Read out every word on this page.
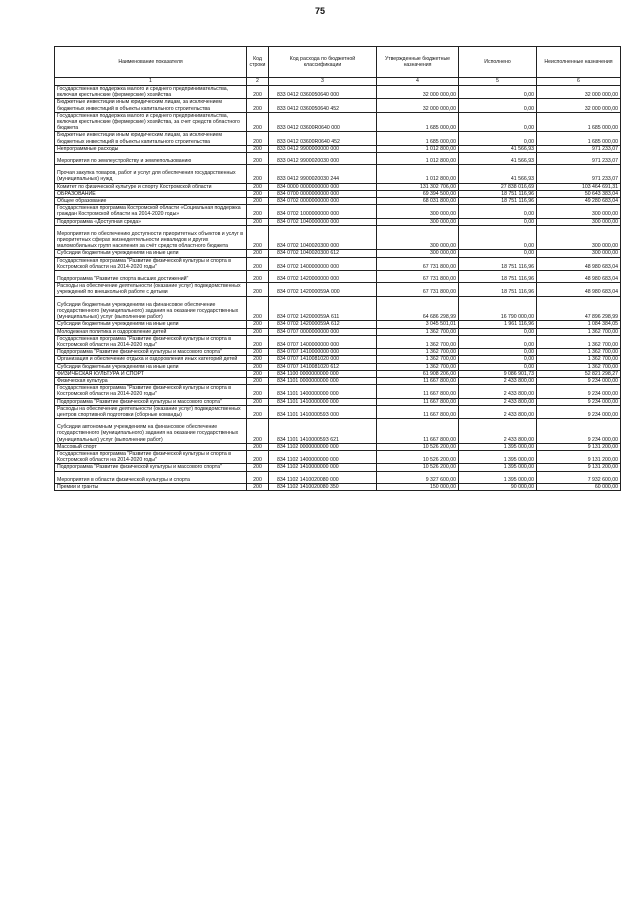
75
Наименование показателя	Код строки	Код расхода по бюджетной классификации	Утвержденные бюджетные назначения	Исполнено	Неисполненные назначения
1	2	3	4	5	6
Государственная поддержка малого и среднего предпринимательства, включая крестьянские (фермерские) хозяйства	200	833 0412 0360050640 000	32 000 000,00	0,00	32 000 000,00
Бюджетные инвестиции иным юридическим лицам, за исключением бюджетных инвестиций в объекты капитального строительства	200	833 0412 0360050640 452	32 000 000,00	0,00	32 000 000,00
Государственная поддержка малого и среднего предпринимательства, включая крестьянские (фермерские) хозяйства, за счет средств областного бюджета	200	833 0412 03600R0640 000	1 685 000,00	0,00	1 685 000,00
Бюджетные инвестиции иным юридическим лицам, за исключением бюджетных инвестиций в объекты капитального строительства	200	833 0412 03600R0640 452	1 685 000,00	0,00	1 685 000,00
Непрограммные расходы	200	833 0412 9900000000 000	1 012 800,00	41 566,93	971 233,07
Мероприятия по землеустройству и землепользованию	200	833 0412 9900020030 000	1 012 800,00	41 566,93	971 233,07
Прочая закупка товаров, работ и услуг для обеспечения государственных (муниципальных) нужд	200	833 0412 9900020030 244	1 012 800,00	41 566,93	971 233,07
Комитет по физической культуре и спорту Костромской области	200	834 0000 0000000000 000	131 302 706,00	27 838 016,69	103 464 691,31
ОБРАЗОВАНИЕ	200	834 0700 0000000000 000	69 394 500,00	18 751 116,96	50 643 383,04
Общее образование	200	834 0702 0000000000 000	68 031 800,00	18 751 116,96	49 280 683,04
Государственная программа Костромской области «Социальная поддержка граждан Костромской области на 2014-2020 годы»	200	834 0702 1000000000 000	300 000,00	0,00	300 000,00
Подпрограмма «Доступная среда»	200	834 0702 1040000000 000	300 000,00	0,00	300 000,00
Мероприятия по обеспечению доступности приоритетных объектов и услуг в приоритетных сферах жизнедеятельности инвалидов и других маломобильных групп населения за счёт средств областного бюджета	200	834 0702 1040020300 000	300 000,00	0,00	300 000,00
Субсидии бюджетным учреждениям на иные цели	200	834 0702 1040020300 612	300 000,00	0,00	300 000,00
Государственная программа "Развитие физической культуры и спорта в Костромской области на 2014-2020 годы"	200	834 0702 1400000000 000	67 731 800,00	18 751 116,96	48 980 683,04
Подпрограмма "Развитие спорта высших достижений"	200	834 0702 1420000000 000	67 731 800,00	18 751 116,96	48 980 683,04
Расходы на обеспечение деятельности (оказание услуг) подведомственных учреждений по внешкольной работе с детьми	200	834 0702 142000059А 000	67 731 800,00	18 751 116,96	48 980 683,04
Субсидии бюджетным учреждениям на финансовое обеспечение государственного (муниципального) задания на оказание государственных (муниципальных) услуг (выполнение работ)	200	834 0702 142000059А 611	64 686 298,99	16 790 000,00	47 896 298,99
Субсидии бюджетным учреждениям на иные цели	200	834 0702 142000059А 612	3 045 501,01	1 961 116,96	1 084 384,05
Молодежная политика и оздоровление детей	200	834 0707 0000000000 000	1 362 700,00	0,00	1 362 700,00
Государственная программа "Развитие физической культуры и спорта в Костромской области на 2014-2020 годы"	200	834 0707 1400000000 000	1 362 700,00	0,00	1 362 700,00
Подпрограмма "Развитие физической культуры и массового спорта"	200	834 0707 1410000000 000	1 362 700,00	0,00	1 362 700,00
Организация и обеспечение отдыха и оздоровления иных категорий детей	200	834 0707 1410081020 000	1 362 700,00	0,00	1 362 700,00
Субсидии бюджетным учреждениям на иные цели	200	834 0707 1410081020 612	1 362 700,00	0,00	1 362 700,00
ФИЗИЧЕСКАЯ КУЛЬТУРА И СПОРТ	200	834 1100 0000000000 000	61 908 206,00	9 086 901,73	52 821 298,27
Физическая культура	200	834 1101 0000000000 000	11 667 800,00	2 433 800,00	9 234 000,00
Государственная программа "Развитие физической культуры и спорта в Костромской области на 2014-2020 годы"	200	834 1101 1400000000 000	11 667 800,00	2 433 800,00	9 234 000,00
Подпрограмма "Развитие физической культуры и массового спорта"	200	834 1101 1410000000 000	11 667 800,00	2 433 800,00	9 234 000,00
Расходы на обеспечение деятельности (оказание услуг) подведомственных центров спортивной подготовки (сборные команды)	200	834 1101 141000059З 000	11 667 800,00	2 433 800,00	9 234 000,00
Субсидии автономным учреждениям на финансовое обеспечение государственного (муниципального) задания на оказание государственных (муниципальных) услуг (выполнение работ)	200	834 1101 141000059З 621	11 667 800,00	2 433 800,00	9 234 000,00
Массовый спорт	200	834 1102 0000000000 000	10 526 200,00	1 395 000,00	9 131 200,00
Государственная программа "Развитие физической культуры и спорта в Костромской области на 2014-2020 годы"	200	834 1102 1400000000 000	10 526 200,00	1 395 000,00	9 131 200,00
Подпрограмма "Развитие физической культуры и массового спорта"	200	834 1102 1410000000 000	10 526 200,00	1 395 000,00	9 131 200,00
Мероприятия в области физической культуры и спорта	200	834 1102 1410020080 000	9 327 600,00	1 395 000,00	7 932 600,00
Премии и гранты	200	834 1102 1410020080 350	150 000,00	90 000,00	60 000,00
